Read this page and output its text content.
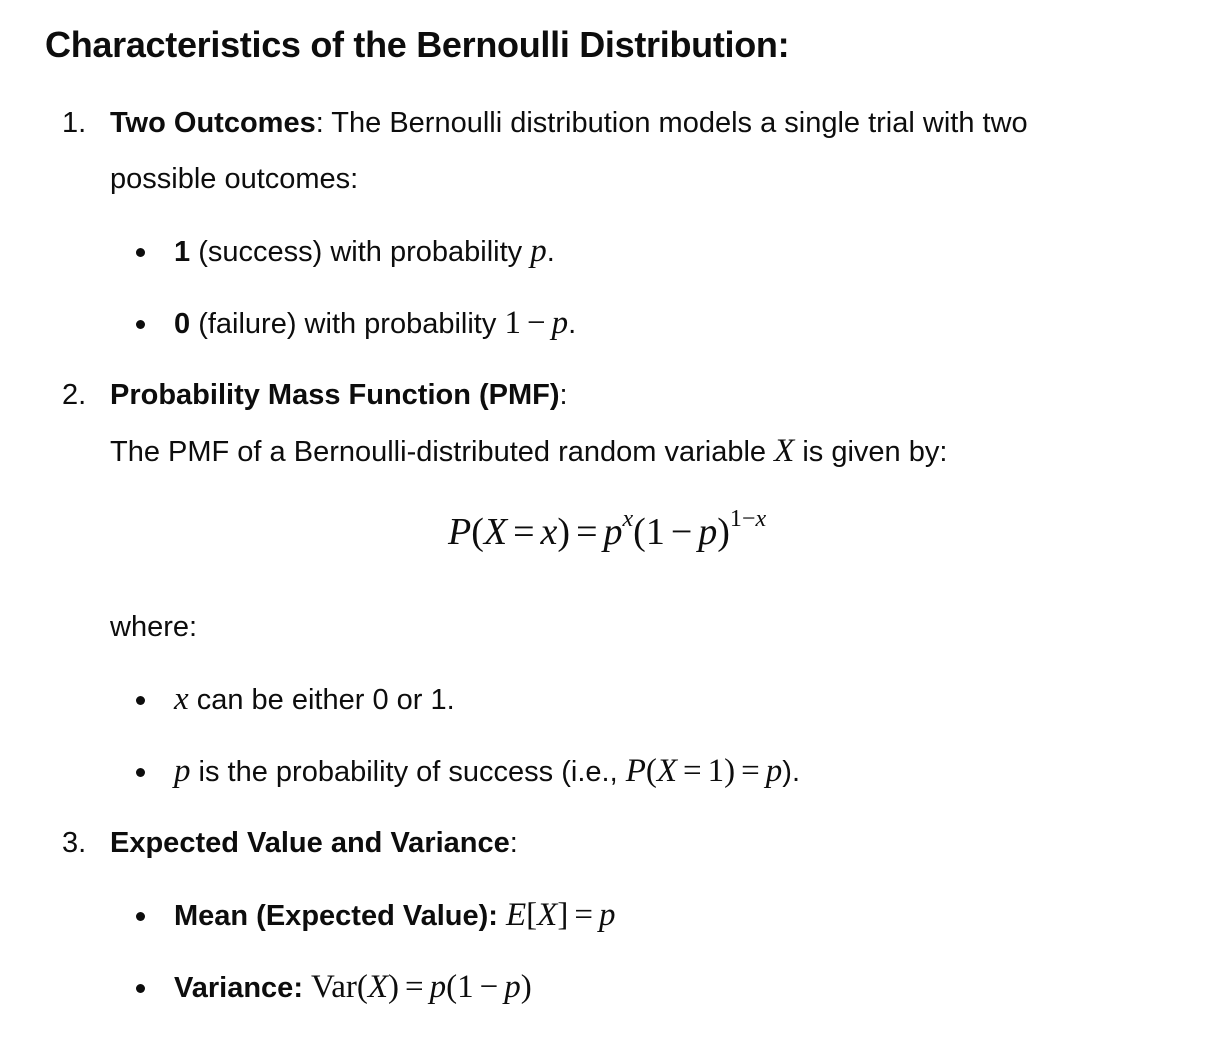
Characteristics of the Bernoulli Distribution:
1. Two Outcomes: The Bernoulli distribution models a single trial with two
possible outcomes:
1 (success) with probability p.
0 (failure) with probability 1 − p.
2. Probability Mass Function (PMF):
The PMF of a Bernoulli-distributed random variable X is given by:
$P(X = x) = p^x(1 - p)^{1-x}$
where:
x can be either 0 or 1.
p is the probability of success (i.e., P(X = 1) = p).
3. Expected Value and Variance:
Mean (Expected Value): E[X] = p
Variance: Var(X) = p(1 − p)
